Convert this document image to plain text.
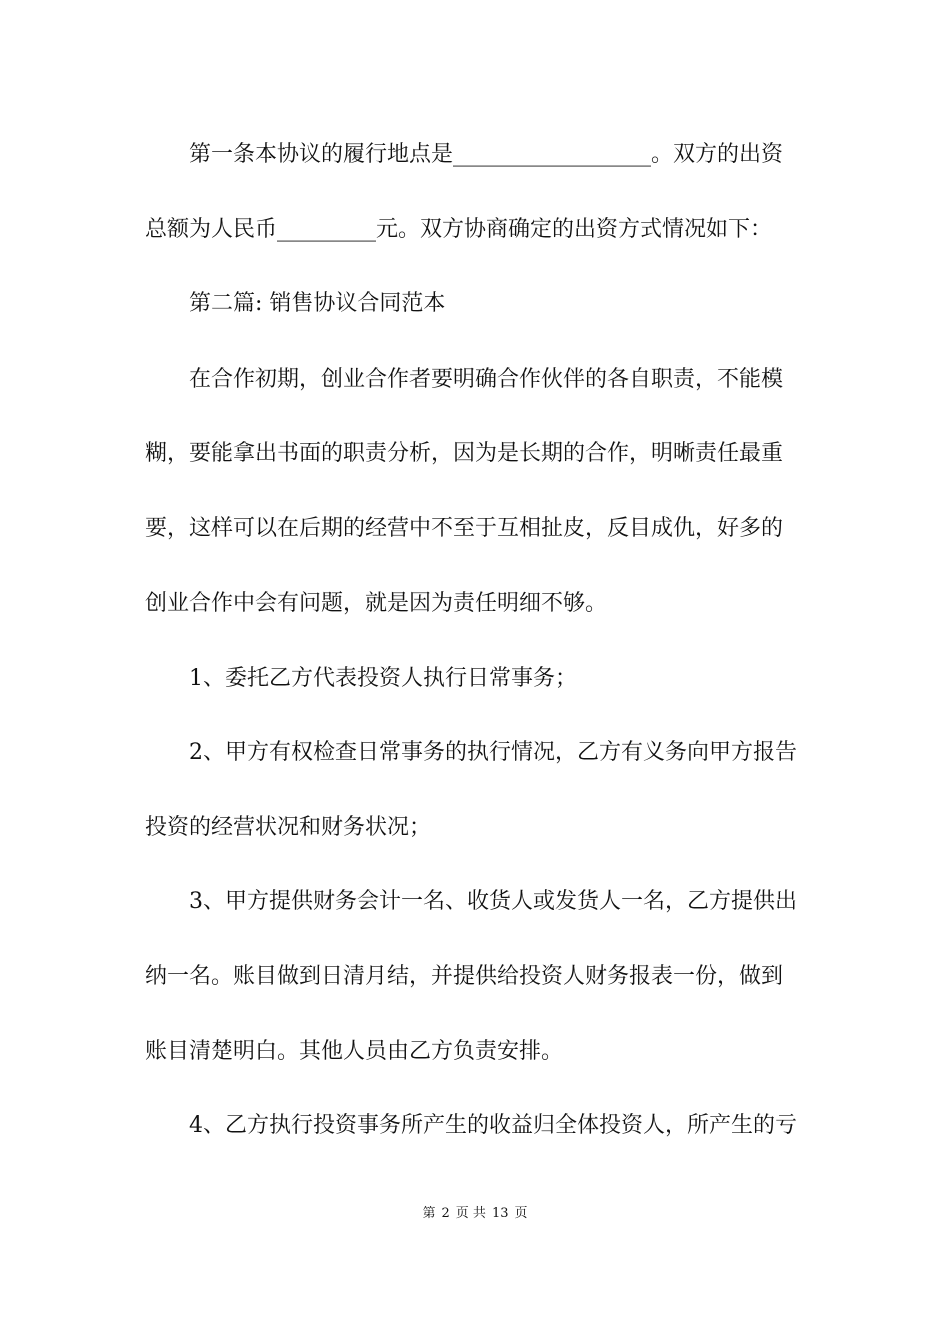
第一条本协议的履行地点是__________________。双方的出资
总额为人民币_________元。双方协商确定的出资方式情况如下：
第二篇: 销售协议合同范本
在合作初期，创业合作者要明确合作伙伴的各自职责，不能模
糊，要能拿出书面的职责分析，因为是长期的合作，明晰责任最重
要，这样可以在后期的经营中不至于互相扯皮，反目成仇，好多的
创业合作中会有问题，就是因为责任明细不够。
1、委托乙方代表投资人执行日常事务；
2、甲方有权检查日常事务的执行情况，乙方有义务向甲方报告
投资的经营状况和财务状况；
3、甲方提供财务会计一名、收货人或发货人一名，乙方提供出
纳一名。账目做到日清月结，并提供给投资人财务报表一份，做到
账目清楚明白。其他人员由乙方负责安排。
4、乙方执行投资事务所产生的收益归全体投资人，所产生的亏
第 2 页 共 13 页
